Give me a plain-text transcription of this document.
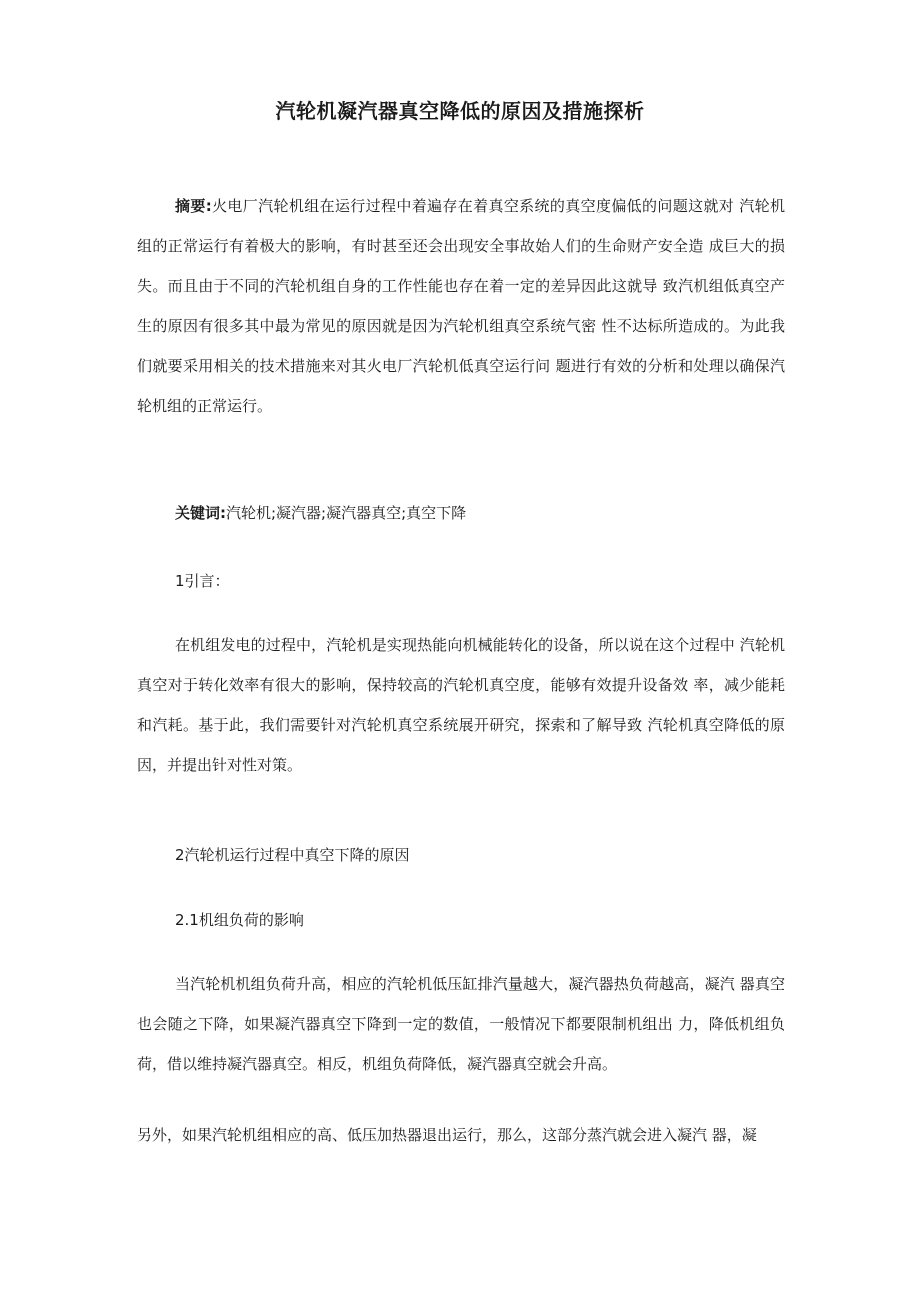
汽轮机凝汽器真空降低的原因及措施探析
摘要:火电厂汽轮机组在运行过程中着遍存在着真空系统的真空度偏低的问题这就对 汽轮机组的正常运行有着极大的影响，有时甚至还会出现安全事故始人们的生命财产安全造 成巨大的损失。而且由于不同的汽轮机组自身的工作性能也存在着一定的差异因此这就导 致汽机组低真空产生的原因有很多其中最为常见的原因就是因为汽轮机组真空系统气密 性不达标所造成的。为此我们就要采用相关的技术措施来对其火电厂汽轮机低真空运行问 题进行有效的分析和处理以确保汽轮机组的正常运行。
关键词:汽轮机;凝汽器;凝汽器真空;真空下降
1引言：
在机组发电的过程中，汽轮机是实现热能向机械能转化的设备，所以说在这个过程中 汽轮机真空对于转化效率有很大的影响，保持较高的汽轮机真空度，能够有效提升设备效 率，减少能耗和汽耗。基于此，我们需要针对汽轮机真空系统展开研究，探索和了解导致 汽轮机真空降低的原因，并提出针对性对策。
2汽轮机运行过程中真空下降的原因
2.1机组负荷的影响
当汽轮机机组负荷升高，相应的汽轮机低压缸排汽量越大，凝汽器热负荷越高，凝汽 器真空也会随之下降，如果凝汽器真空下降到一定的数值，一般情况下都要限制机组出 力，降低机组负荷，借以维持凝汽器真空。相反，机组负荷降低，凝汽器真空就会升高。
另外，如果汽轮机组相应的高、低压加热器退出运行，那么，这部分蒸汽就会进入凝汽 器，凝
